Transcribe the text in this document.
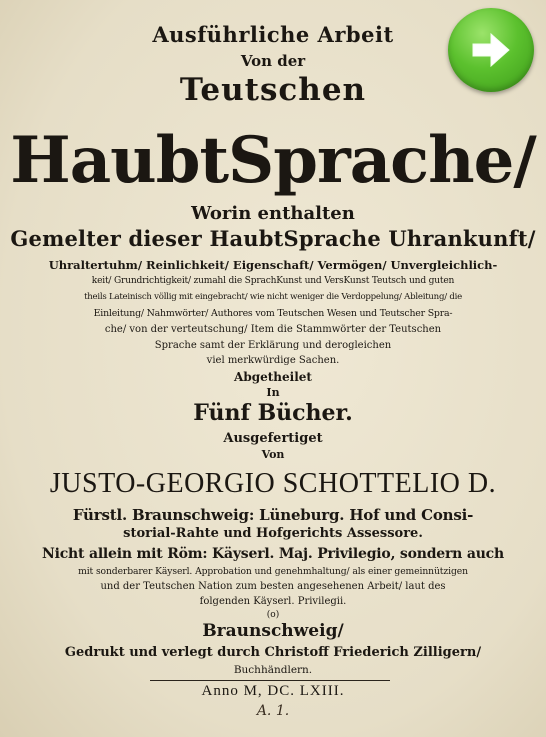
Ausführliche Arbeit
Von der
Teutschen
HaubtSprache/
Worin enthalten
Gemelter dieser HaubtSprache Uhrankunft/
Uhraltertuhm/ Reinlichkeit/ Eigenschaft/ Vermögen/ Unvergleichlich-
keit/ Grundrichtigkeit/ zumahl die SprachKunst und VersKunst Teutsch und guten
theils Lateinisch völlig mit eingebracht/ wie nicht weniger die Verdoppelung/ Ableitung/ die
Einleitung/ Nahmwörter/ Authores vom Teutschen Wesen und Teutscher Spra-
che/ von der verteutschung/ Item die Stammwörter der Teutschen
Sprache samt der Erklärung und derogleichen
viel merkwürdige Sachen.
Abgetheilet
In
Fünf Bücher.
Ausgefertiget
Von
JUSTO-GEORGIO SCHOTTELIO D.
Fürstl. Braunschweig: Lüneburg. Hof und Consi-
storial-Rahte und Hofgerichts Assessore.
Nicht allein mit Röm: Käyserl. Maj. Privilegio, sondern auch
mit sonderbarer Käyserl. Approbation und genehmhaltung/ als einer gemeinnützigen
und der Teutschen Nation zum besten angesehenen Arbeit/ laut des
folgenden Käyserl. Privilegii.
(o)
Braunschweig/
Gedrukt und verlegt durch Christoff Friederich Zilligern/
Buchhändlern.
Anno M, DC. LXIII.
A. 1.
